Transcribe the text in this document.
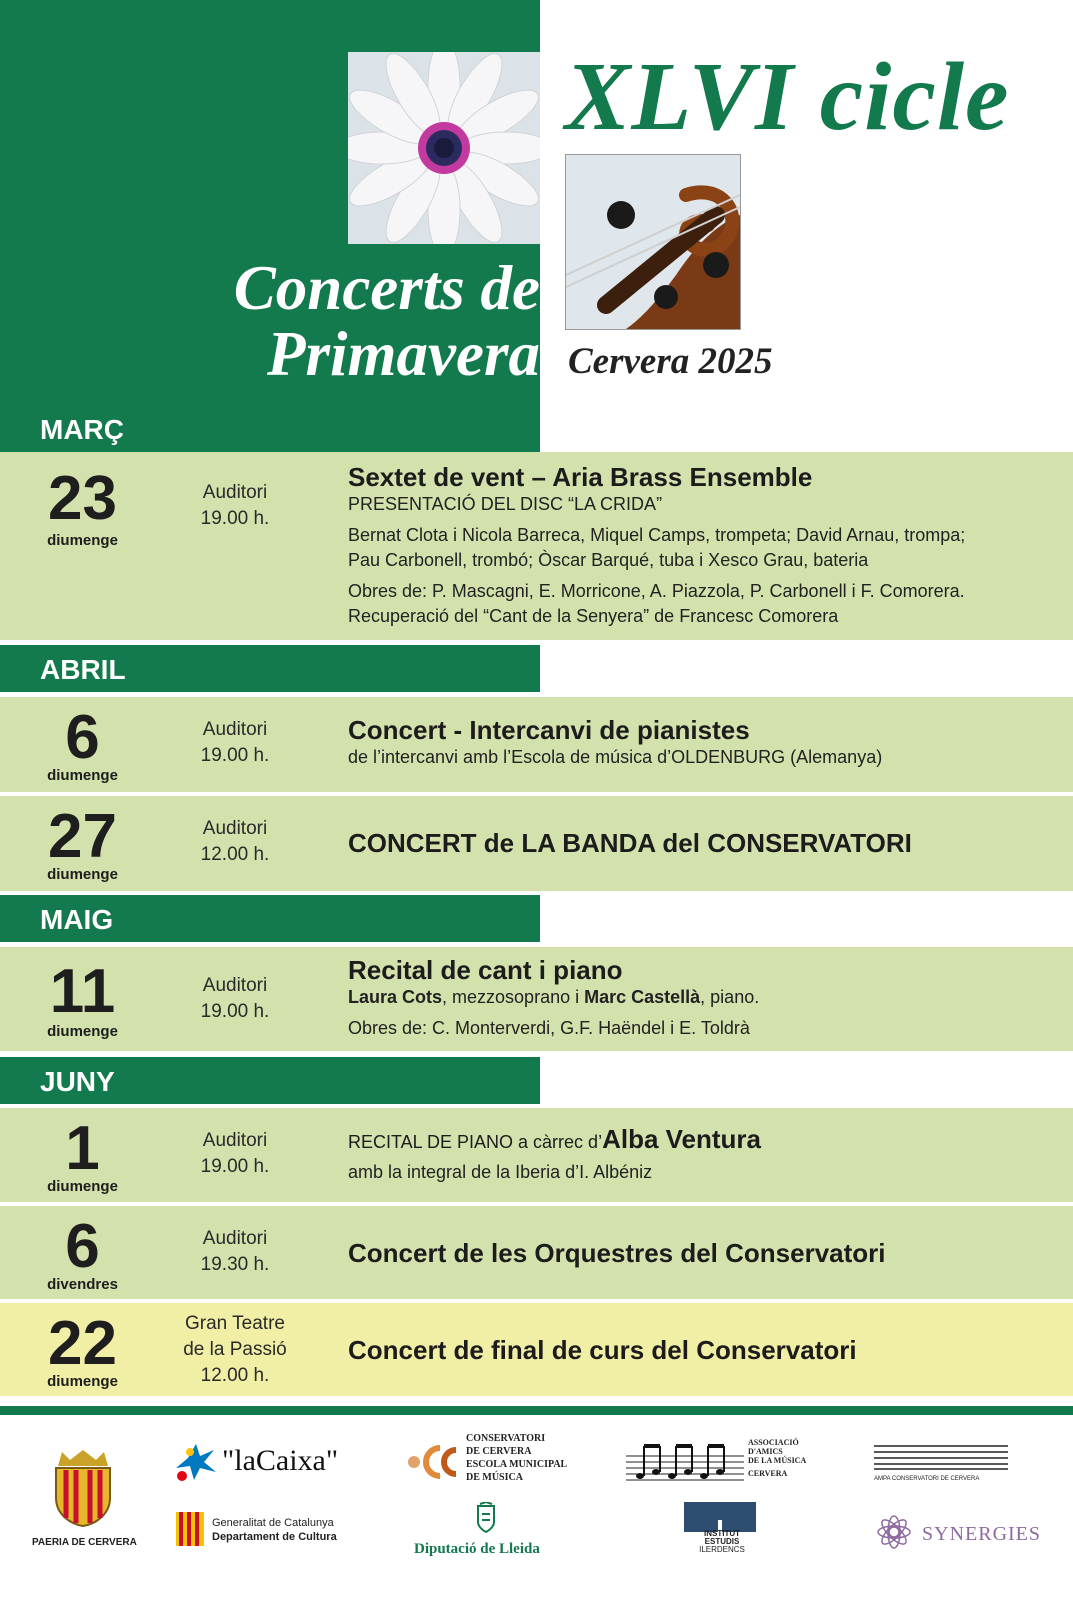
XLVI cicle
Concerts de
Primavera Cervera 2025
MARÇ
23
diumenge
Auditori
19.00 h.
Sextet de vent – Aria Brass Ensemble
PRESENTACIÓ DEL DISC “LA CRIDA”
Bernat Clota i Nicola Barreca, Miquel Camps, trompeta; David Arnau, trompa;
Pau Carbonell, trombó; Òscar Barqué, tuba i Xesco Grau, bateria
Obres de: P. Mascagni, E. Morricone, A. Piazzola, P. Carbonell i F. Comorera.
Recuperació del “Cant de la Senyera” de Francesc Comorera
ABRIL
6
diumenge
Auditori
19.00 h.
Concert - Intercanvi de pianistes
de l’intercanvi amb l’Escola de música d’OLDENBURG (Alemanya)
27
diumenge
Auditori
12.00 h.	CONCERT de LA BANDA del CONSERVATORI
MAIG
11
diumenge
Auditori
19.00 h.
Recital de cant i piano
Laura Cots, mezzosoprano i Marc Castellà, piano.
Obres de: C. Monterverdi, G.F. Haëndel i E. Toldrà
JUNY
1
diumenge
Auditori
19.00 h.
RECITAL DE PIANO a càrrec d’Alba Ventura
amb la integral de la Iberia d’I. Albéniz
6
divendres
Auditori
19.30 h.	Concert de les Orquestres del Conservatori
22
diumenge
Gran Teatre
de la Passió
12.00 h.
Concert de final de curs del Conservatori
PAERIA DE CERVERA
"laCaixa"
Generalitat de Catalunya
Departament de Cultura
CONSERVATORI
DE CERVERA
ESCOLA MUNICIPAL
DE MÚSICA
Diputació de Lleida
ASSOCIACIÓ
D'AMICS
DE LA MÚSICA
CERVERA
INSTITUT
ESTUDIS
ILERDENCS
AMPA CONSERVATORI DE CERVERA
SYNERGIES
